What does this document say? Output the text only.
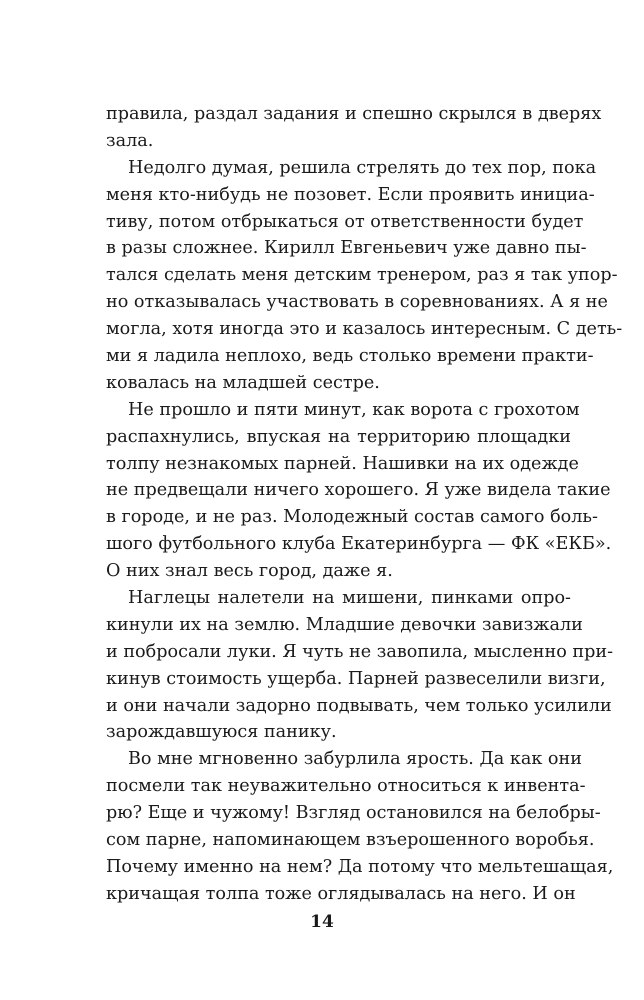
правила, раздал задания и спешно скрылся в дверях
зала.
Недолго думая, решила стрелять до тех пор, пока
меня кто-нибудь не позовет. Если проявить инициа-
тиву, потом отбрыкаться от ответственности будет
в разы сложнее. Кирилл Евгеньевич уже давно пы-
тался сделать меня детским тренером, раз я так упор-
но отказывалась участвовать в соревнованиях. А я не
могла, хотя иногда это и казалось интересным. С деть-
ми я ладила неплохо, ведь столько времени практи-
ковалась на младшей сестре.
Не прошло и пяти минут, как ворота с грохотом
распахнулись, впуская на территорию площадки
толпу незнакомых парней. Нашивки на их одежде
не предвещали ничего хорошего. Я уже видела такие
в городе, и не раз. Молодежный состав самого боль-
шого футбольного клуба Екатеринбурга — ФК «ЕКБ».
О них знал весь город, даже я.
Наглецы налетели на мишени, пинками опро-
кинули их на землю. Младшие девочки завизжали
и побросали луки. Я чуть не завопила, мысленно при-
кинув стоимость ущерба. Парней развеселили визги,
и они начали задорно подвывать, чем только усилили
зарождавшуюся панику.
Во мне мгновенно забурлила ярость. Да как они
посмели так неуважительно относиться к инвента-
рю? Еще и чужому! Взгляд остановился на белобры-
сом парне, напоминающем взъерошенного воробья.
Почему именно на нем? Да потому что мельтешащая,
кричащая толпа тоже оглядывалась на него. И он
14
